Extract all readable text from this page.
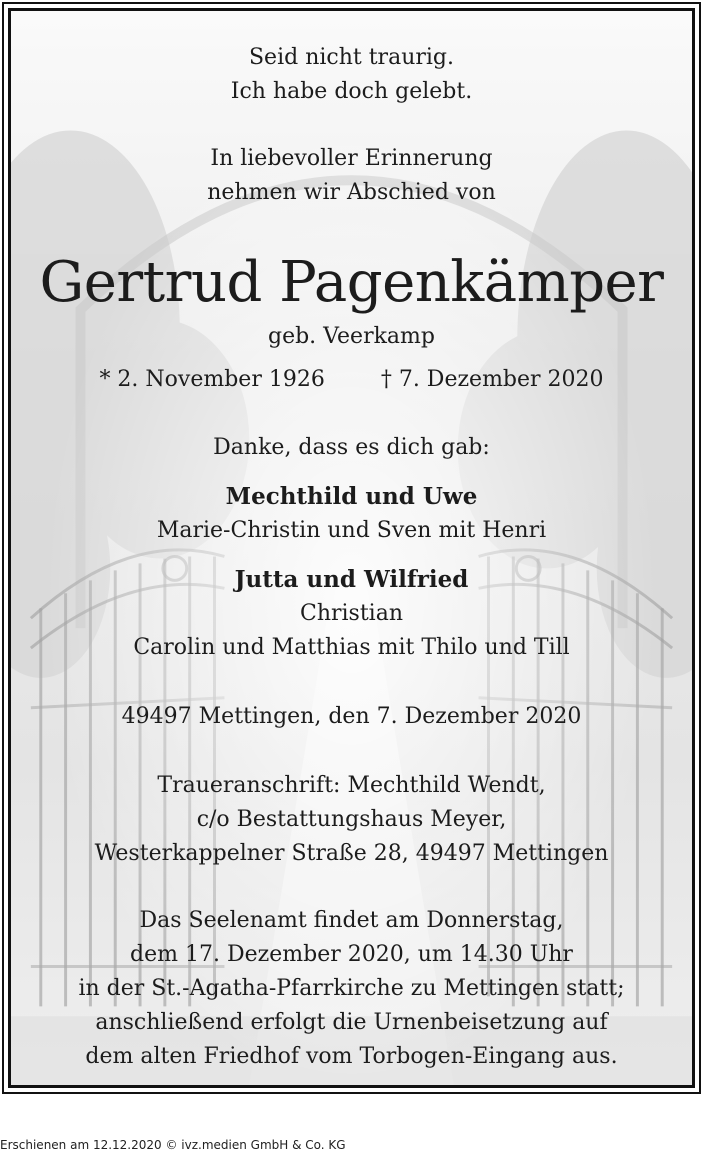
Seid nicht traurig.
Ich habe doch gelebt.
In liebevoller Erinnerung
nehmen wir Abschied von
Gertrud Pagenkämper
geb. Veerkamp
* 2. November 1926	† 7. Dezember 2020
Danke, dass es dich gab:
Mechthild und Uwe
Marie-Christin und Sven mit Henri
Jutta und Wilfried
Christian
Carolin und Matthias mit Thilo und Till
49497 Mettingen, den 7. Dezember 2020
Traueranschrift: Mechthild Wendt,
c/o Bestattungshaus Meyer,
Westerkappelner Straße 28, 49497 Mettingen
Das Seelenamt findet am Donnerstag,
dem 17. Dezember 2020, um 14.30 Uhr
in der St.-Agatha-Pfarrkirche zu Mettingen statt;
anschließend erfolgt die Urnenbeisetzung auf
dem alten Friedhof vom Torbogen-Eingang aus.
Erschienen am 12.12.2020 © ivz.medien GmbH & Co. KG
